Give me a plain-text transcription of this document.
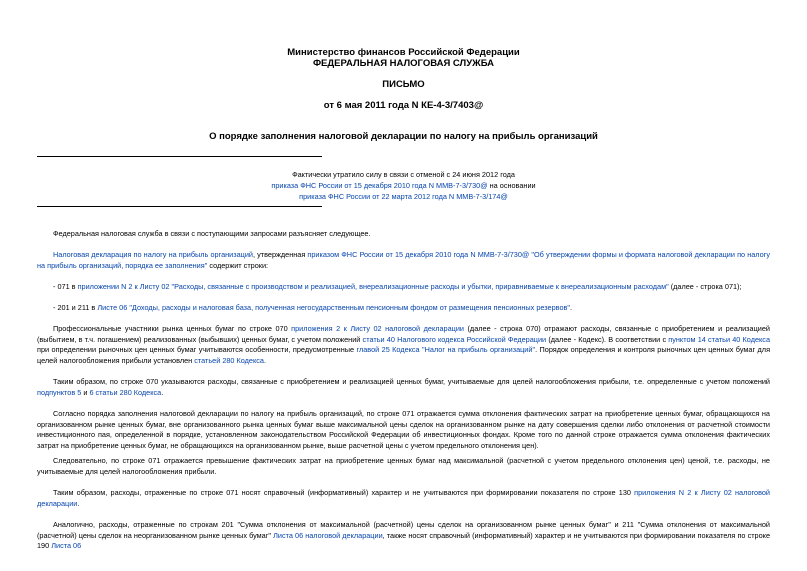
Министерство финансов Российской Федерации
ФЕДЕРАЛЬНАЯ НАЛОГОВАЯ СЛУЖБА
ПИСЬМО
от 6 мая 2011 года N КЕ-4-3/7403@
О порядке заполнения налоговой декларации по налогу на прибыль организаций
Фактически утратило силу в связи с отменой с 24 июня 2012 года
приказа ФНС России от 15 декабря 2010 года N ММВ-7-3/730@ на основании
приказа ФНС России от 22 марта 2012 года N ММВ-7-3/174@
Федеральная налоговая служба в связи с поступающими запросами разъясняет следующее.
Налоговая декларация по налогу на прибыль организаций, утвержденная приказом ФНС России от 15 декабря 2010 года N ММВ-7-3/730@ "Об утверждении формы и формата налоговой декларации по налогу на прибыль организаций, порядка ее заполнения" содержит строки:
- 071 в приложении N 2 к Листу 02 "Расходы, связанные с производством и реализацией, внереализационные расходы и убытки, приравниваемые к внереализационным расходам" (далее - строка 071);
- 201 и 211 в Листе 06 "Доходы, расходы и налоговая база, полученная негосударственным пенсионным фондом от размещения пенсионных резервов".
Профессиональные участники рынка ценных бумаг по строке 070 приложения 2 к Листу 02 налоговой декларации (далее - строка 070) отражают расходы, связанные с приобретением и реализацией (выбытием, в т.ч. погашением) реализованных (выбывших) ценных бумаг, с учетом положений статьи 40 Налогового кодекса Российской Федерации (далее - Кодекс). В соответствии с пунктом 14 статьи 40 Кодекса при определении рыночных цен ценных бумаг учитываются особенности, предусмотренные главой 25 Кодекса "Налог на прибыль организаций". Порядок определения и контроля рыночных цен ценных бумаг для целей налогообложения прибыли установлен статьей 280 Кодекса.
Таким образом, по строке 070 указываются расходы, связанные с приобретением и реализацией ценных бумаг, учитываемые для целей налогообложения прибыли, т.е. определенные с учетом положений подпунктов 5 и 6 статьи 280 Кодекса.
Согласно порядка заполнения налоговой декларации по налогу на прибыль организаций, по строке 071 отражается сумма отклонения фактических затрат на приобретение ценных бумаг, обращающихся на организованном рынке ценных бумаг, вне организованного рынка ценных бумаг выше максимальной цены сделок на организованном рынке на дату совершения сделки либо отклонения от расчетной стоимости инвестиционного пая, определенной в порядке, установленном законодательством Российской Федерации об инвестиционных фондах. Кроме того по данной строке отражается сумма отклонения фактических затрат на приобретение ценных бумаг, не обращающихся на организованном рынке, выше расчетной цены с учетом предельного отклонения цен).
Следовательно, по строке 071 отражается превышение фактических затрат на приобретение ценных бумаг над максимальной (расчетной с учетом предельного отклонения цен) ценой, т.е. расходы, не учитываемые для целей налогообложения прибыли.
Таким образом, расходы, отраженные по строке 071 носят справочный (информативный) характер и не учитываются при формировании показателя по строке 130 приложения N 2 к Листу 02 налоговой декларации.
Аналогично, расходы, отраженные по строкам 201 "Сумма отклонения от максимальной (расчетной) цены сделок на организованном рынке ценных бумаг" и 211 "Сумма отклонения от максимальной (расчетной) цены сделок на неорганизованном рынке ценных бумаг" Листа 06 налоговой декларации, также носят справочный (информативный) характер и не учитываются при формировании показателя по строке 190 Листа 06
